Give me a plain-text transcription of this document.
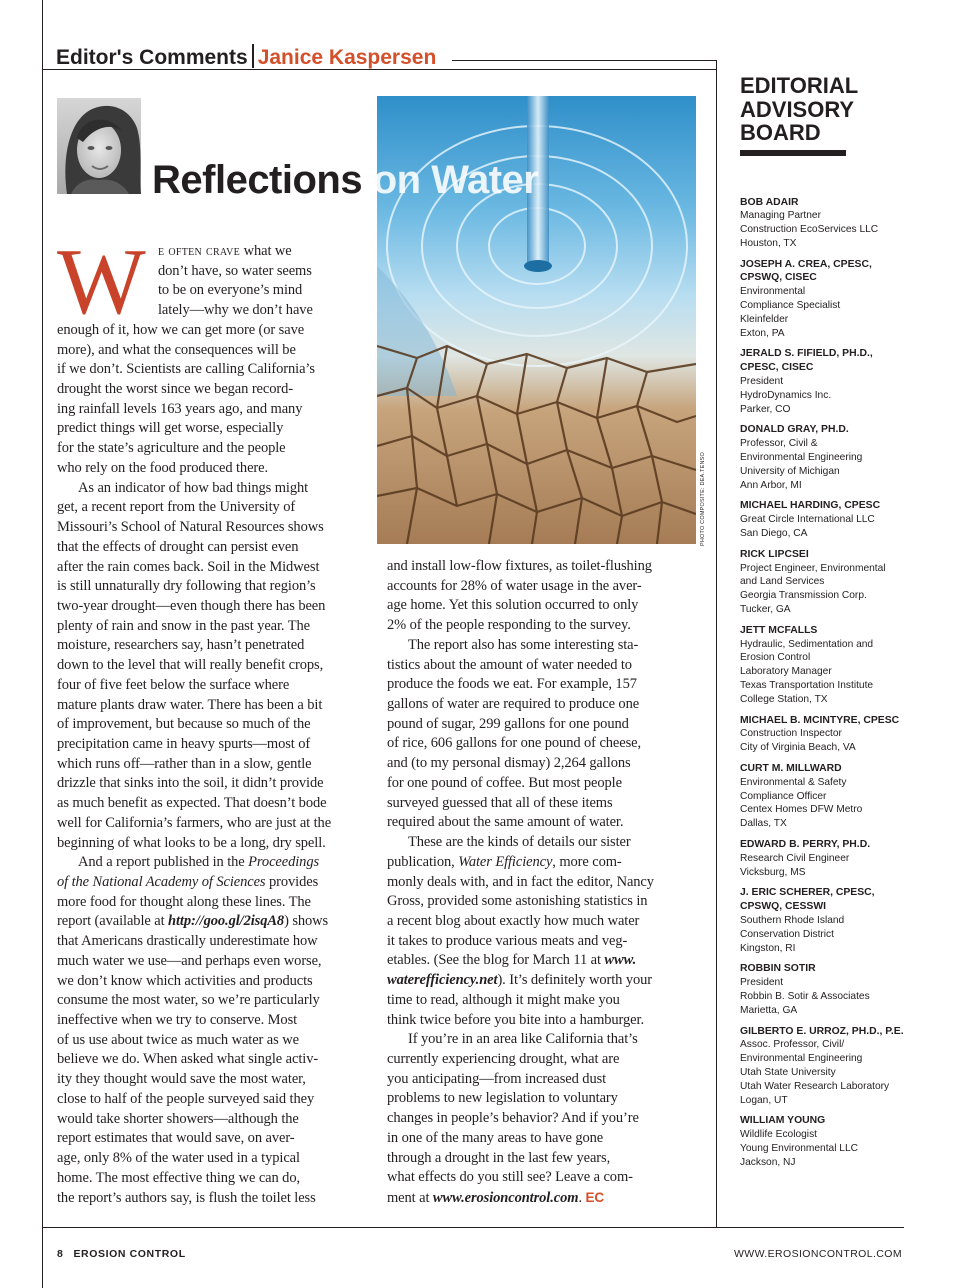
Editor's Comments Janice Kaspersen
PHOTO COMPOSITE: DEA.TENSO
Reflections on Water
W e often crave what we
don’t have, so water seems
to be on everyone’s mind
lately—why we don’t have
enough of it, how we can get more (or save
more), and what the consequences will be
if we don’t. Scientists are calling California’s
drought the worst since we began record-
ing rainfall levels 163 years ago, and many
predict things will get worse, especially
for the state’s agriculture and the people
who rely on the food produced there.

As an indicator of how bad things might
get, a recent report from the University of
Missouri’s School of Natural Resources shows
that the effects of drought can persist even
after the rain comes back. Soil in the Midwest
is still unnaturally dry following that region’s
two-year drought—even though there has been
plenty of rain and snow in the past year. The
moisture, researchers say, hasn’t penetrated
down to the level that will really benefit crops,
four of five feet below the surface where
mature plants draw water. There has been a bit
of improvement, but because so much of the
precipitation came in heavy spurts—most of
which runs off—rather than in a slow, gentle
drizzle that sinks into the soil, it didn’t provide
as much benefit as expected. That doesn’t bode
well for California’s farmers, who are just at the
beginning of what looks to be a long, dry spell.

And a report published in the Proceedings
of the National Academy of Sciences provides
more food for thought along these lines. The
report (available at http://goo.gl/2isqA8) shows
that Americans drastically underestimate how
much water we use—and perhaps even worse,
we don’t know which activities and products
consume the most water, so we’re particularly
ineffective when we try to conserve. Most
of us use about twice as much water as we
believe we do. When asked what single activ-
ity they thought would save the most water,
close to half of the people surveyed said they
would take shorter showers—although the
report estimates that would save, on aver-
age, only 8% of the water used in a typical
home. The most effective thing we can do,
the report’s authors say, is flush the toilet less

and install low-flow fixtures, as toilet-flushing
accounts for 28% of water usage in the aver-
age home. Yet this solution occurred to only
2% of the people responding to the survey.

The report also has some interesting sta-
tistics about the amount of water needed to
produce the foods we eat. For example, 157
gallons of water are required to produce one
pound of sugar, 299 gallons for one pound
of rice, 606 gallons for one pound of cheese,
and (to my personal dismay) 2,264 gallons
for one pound of coffee. But most people
surveyed guessed that all of these items
required about the same amount of water.

These are the kinds of details our sister
publication, Water Efficiency, more com-
monly deals with, and in fact the editor, Nancy
Gross, provided some astonishing statistics in
a recent blog about exactly how much water
it takes to produce various meats and veg-
etables. (See the blog for March 11 at www.
waterefficiency.net). It’s definitely worth your
time to read, although it might make you
think twice before you bite into a hamburger.

If you’re in an area like California that’s
currently experiencing drought, what are
you anticipating—from increased dust
problems to new legislation to voluntary
changes in people’s behavior? And if you’re
in one of the many areas to have gone
through a drought in the last few years,
what effects do you still see? Leave a com-
ment at www.erosioncontrol.com. EC

EDITORIAL
ADVISORY
BOARD
BOB ADAIR
Managing Partner
Construction EcoServices LLC
Houston, TX
JOSEPH A. CREA, CPESC,
CPSWQ, CISEC
Environmental
Compliance Specialist
Kleinfelder
Exton, PA
JERALD S. FIFIELD, PH.D.,
CPESC, CISEC
President
HydroDynamics Inc.
Parker, CO
DONALD GRAY, PH.D.
Professor, Civil &
Environmental Engineering
University of Michigan
Ann Arbor, MI
MICHAEL HARDING, CPESC
Great Circle International LLC
San Diego, CA
RICK LIPCSEI
Project Engineer, Environmental
and Land Services
Georgia Transmission Corp.
Tucker, GA
JETT MCFALLS
Hydraulic, Sedimentation and
Erosion Control
Laboratory Manager
Texas Transportation Institute
College Station, TX
MICHAEL B. MCINTYRE, CPESC
Construction Inspector
City of Virginia Beach, VA
CURT M. MILLWARD
Environmental & Safety
Compliance Officer
Centex Homes DFW Metro
Dallas, TX
EDWARD B. PERRY, PH.D.
Research Civil Engineer
Vicksburg, MS
J. ERIC SCHERER, CPESC,
CPSWQ, CESSWI
Southern Rhode Island
Conservation District
Kingston, RI
ROBBIN SOTIR
President
Robbin B. Sotir & Associates
Marietta, GA
GILBERTO E. URROZ, PH.D., P.E.
Assoc. Professor, Civil/
Environmental Engineering
Utah State University
Utah Water Research Laboratory
Logan, UT
WILLIAM YOUNG
Wildlife Ecologist
Young Environmental LLC
Jackson, NJ
8 EROSION CONTROL	WWW.EROSIONCONTROL.COM
